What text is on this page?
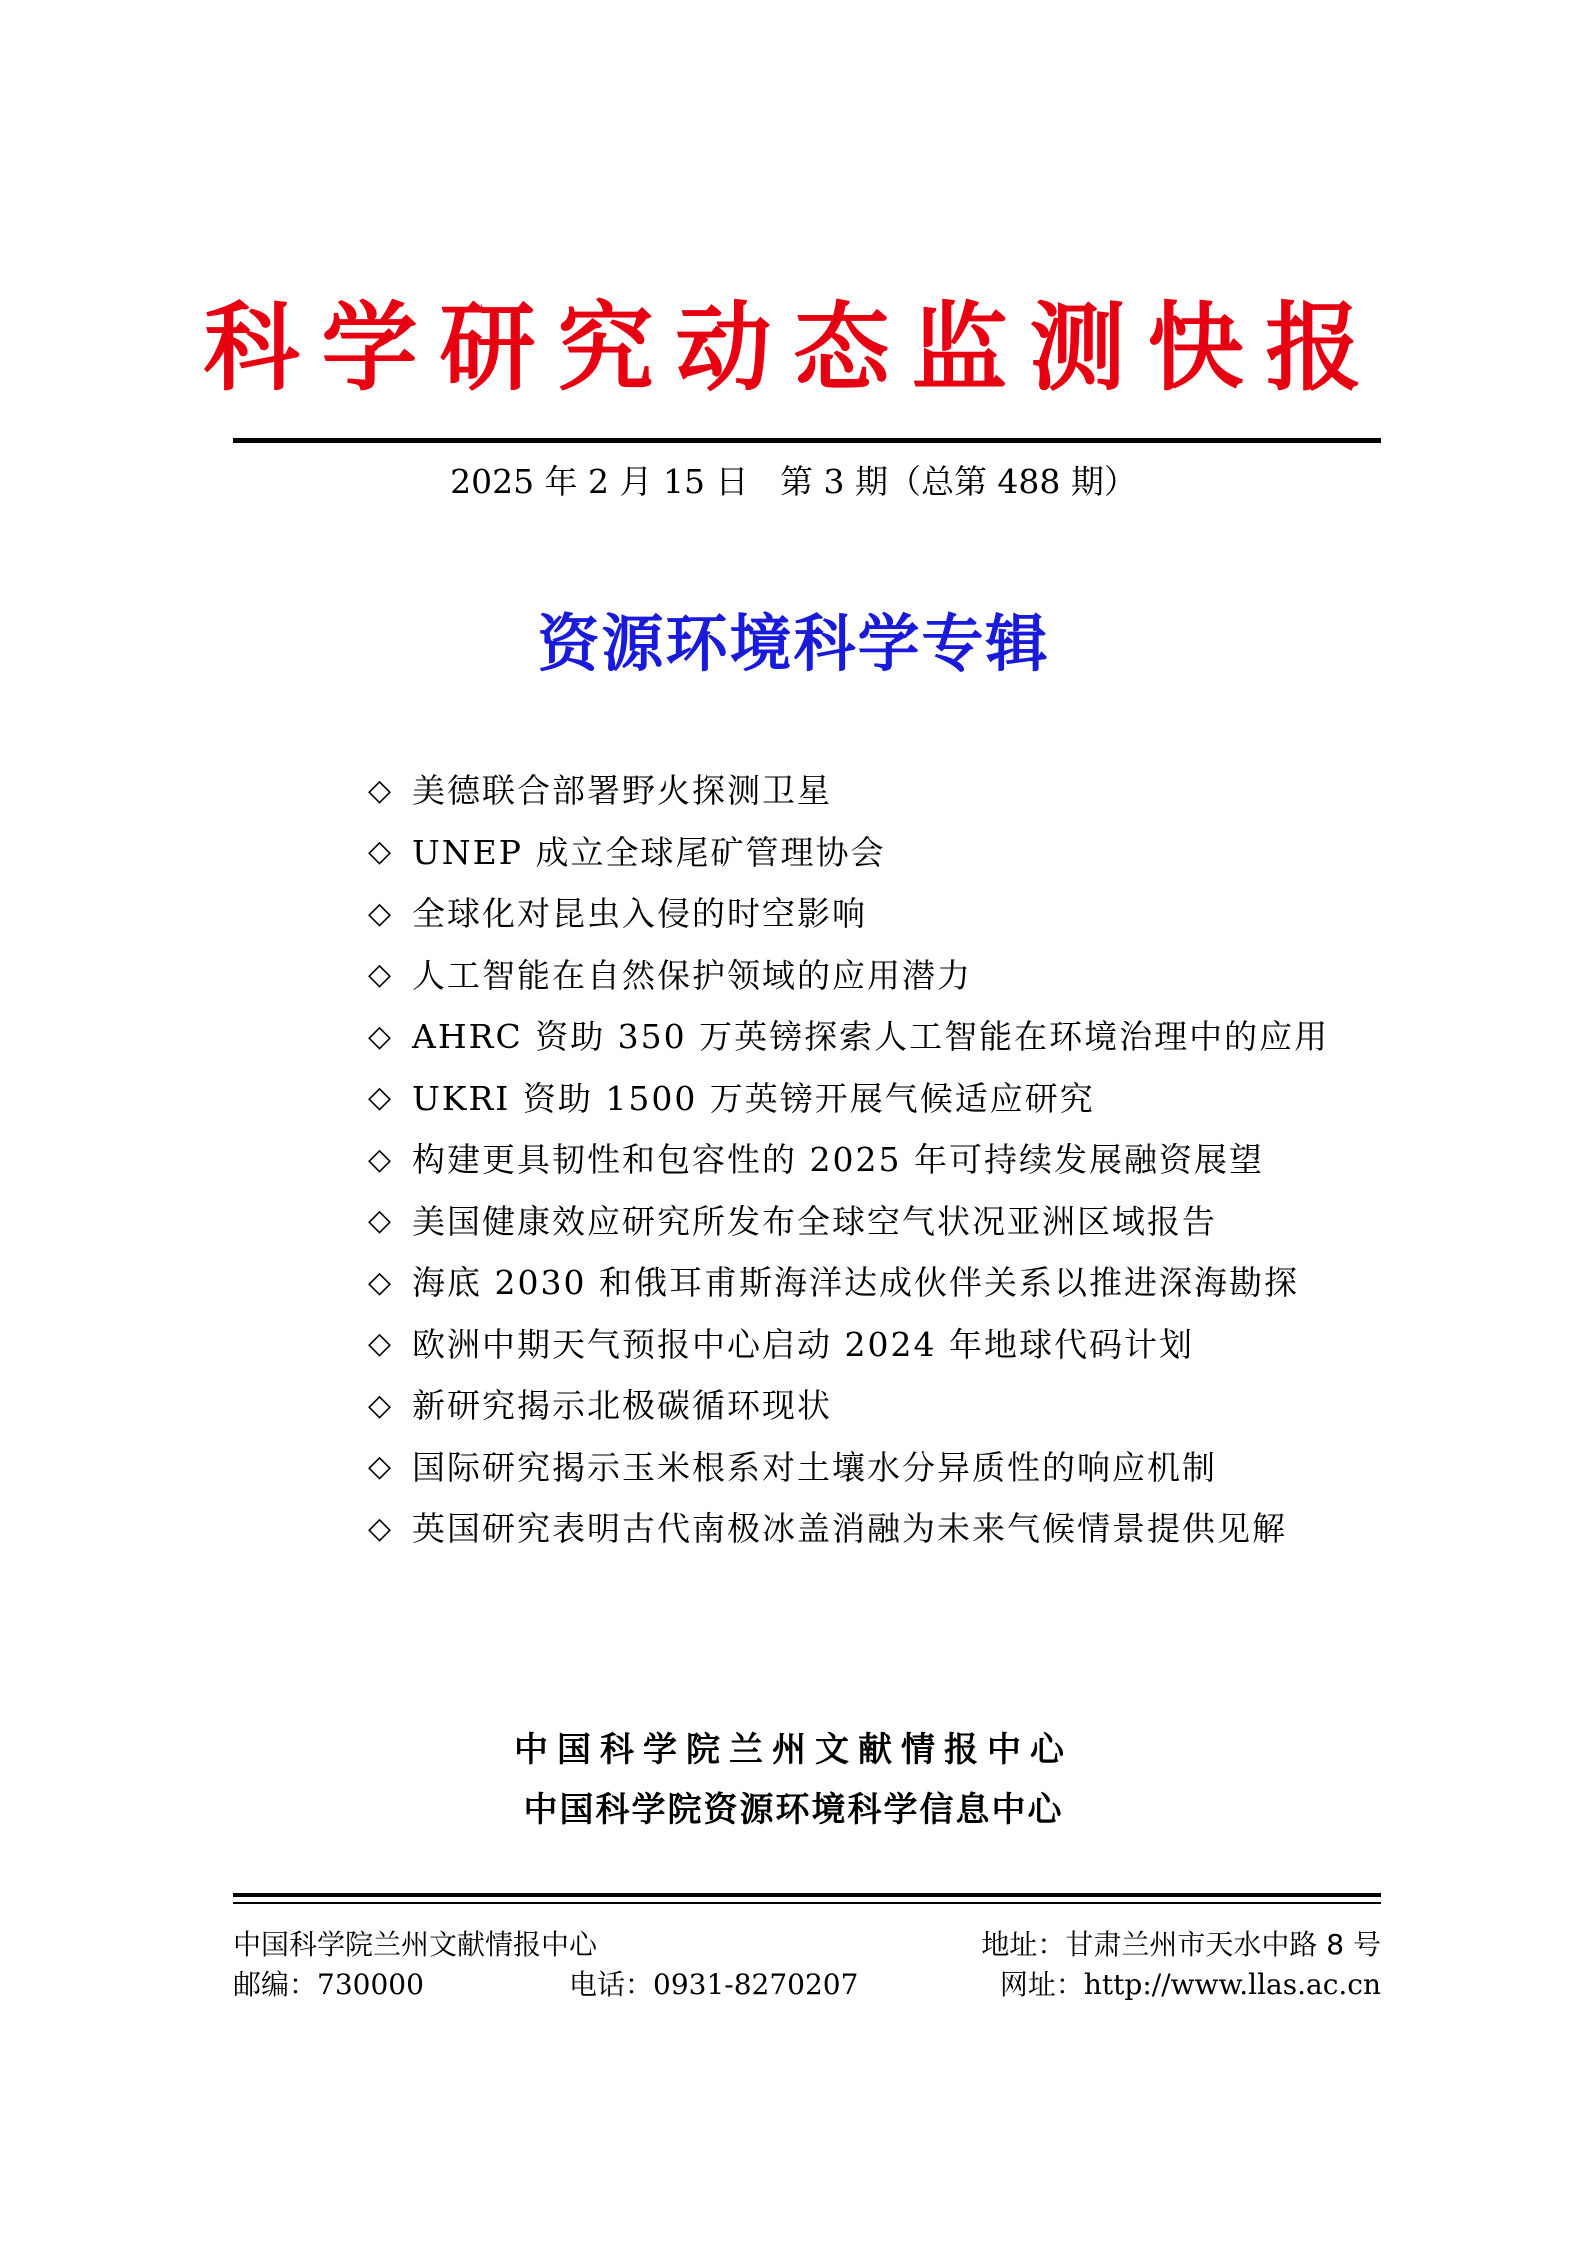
科学研究动态监测快报
2025 年 2 月 15 日   第 3 期（总第 488 期）
资源环境科学专辑
◇ 美德联合部署野火探测卫星
◇ UNEP 成立全球尾矿管理协会
◇ 全球化对昆虫入侵的时空影响
◇ 人工智能在自然保护领域的应用潜力
◇ AHRC 资助 350 万英镑探索人工智能在环境治理中的应用
◇ UKRI 资助 1500 万英镑开展气候适应研究
◇ 构建更具韧性和包容性的 2025 年可持续发展融资展望
◇ 美国健康效应研究所发布全球空气状况亚洲区域报告
◇ 海底 2030 和俄耳甫斯海洋达成伙伴关系以推进深海勘探
◇ 欧洲中期天气预报中心启动 2024 年地球代码计划
◇ 新研究揭示北极碳循环现状
◇ 国际研究揭示玉米根系对土壤水分异质性的响应机制
◇ 英国研究表明古代南极冰盖消融为未来气候情景提供见解
中国科学院兰州文献情报中心
中国科学院资源环境科学信息中心
中国科学院兰州文献情报中心	地址：甘肃兰州市天水中路 8 号
邮编：730000	电话：0931-8270207	网址：http://www.llas.ac.cn
